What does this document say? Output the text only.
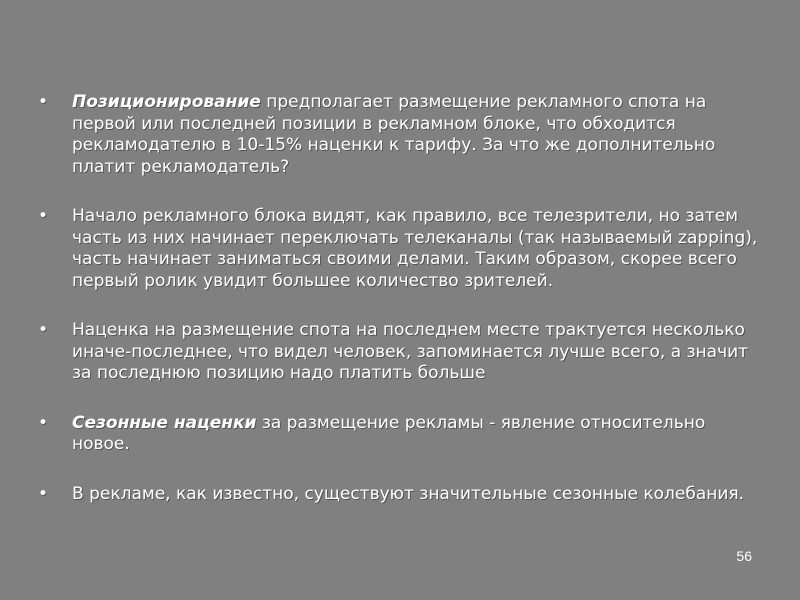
•	Позиционирование предполагает размещение рекламного спота на первой или последней позиции в рекламном блоке, что обходится рекламодателю в 10-15% наценки к тарифу. За что же дополнительно платит рекламодатель?
•	Начало рекламного блока видят, как правило, все телезрители, но затем часть из них начинает переключать телеканалы (так называемый zapping), часть начинает заниматься своими делами. Таким образом, скорее всего первый ролик увидит большее количество зрителей.
•	Наценка на размещение спота на последнем месте трактуется несколько иначе-последнее, что видел человек, запоминается лучше всего, а значит за последнюю позицию надо платить больше
•	Сезонные наценки за размещение рекламы - явление относительно новое.
•	В рекламе, как известно, существуют значительные сезонные колебания.
56
